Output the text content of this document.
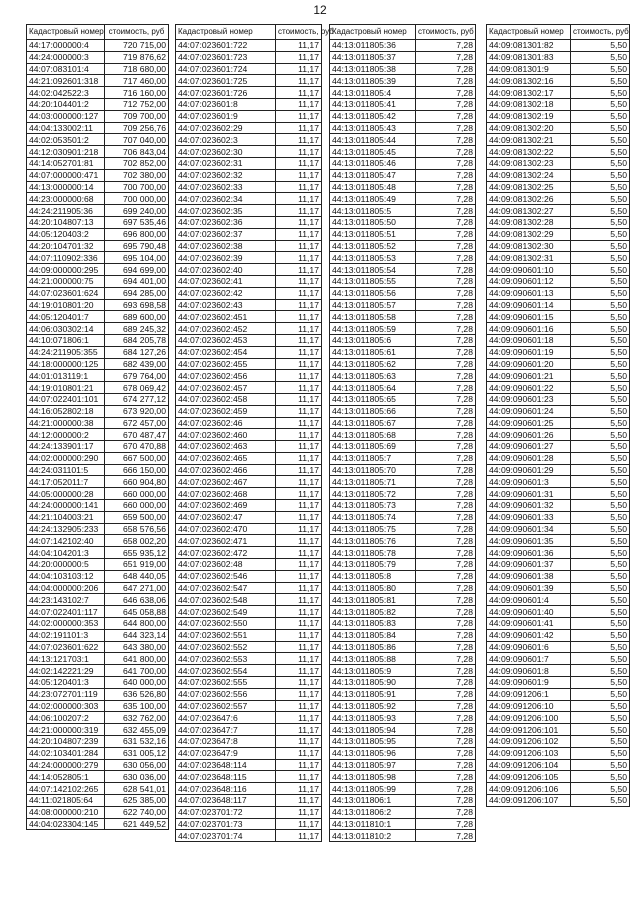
12
Кадастровый номер	стоимость, руб
44:17:000000:4	720 715,00
44:24:000000:3	719 876,62
44:07:083101:4	718 680,00
44:21:092601:318	717 460,00
44:02:042522:3	716 160,00
44:20:104401:2	712 752,00
44:03:000000:127	709 700,00
44:04:133002:11	709 256,76
44:02:053501:2	707 040,00
44:12:030901:218	706 843,04
44:14:052701:81	702 852,00
44:07:000000:471	702 380,00
44:13:000000:14	700 700,00
44:23:000000:68	700 000,00
44:24:211905:36	699 240,00
44:20:104807:13	697 535,46
44:05:120403:2	696 800,00
44:20:104701:32	695 790,48
44:07:110902:336	695 104,00
44:09:000000:295	694 699,00
44:21:000000:75	694 401,00
44:07:023601:624	694 285,00
44:19:010801:20	693 698,58
44:05:120401:7	689 600,00
44:06:030302:14	689 245,32
44:10:071806:1	684 205,78
44:24:211905:355	684 127,26
44:18:000000:125	682 439,00
44:01:013119:1	679 764,00
44:19:010801:21	678 069,42
44:07:022401:101	674 277,12
44:16:052802:18	673 920,00
44:21:000000:38	672 457,00
44:12:000000:2	670 487,47
44:24:133901:17	670 470,88
44:02:000000:290	667 500,00
44:24:031101:5	666 150,00
44:17:052011:7	660 904,80
44:05:000000:28	660 000,00
44:24:000000:141	660 000,00
44:21:104003:21	659 500,00
44:24:132905:233	658 576,56
44:07:142102:40	658 002,20
44:04:104201:3	655 935,12
44:20:000000:5	651 919,00
44:04:103103:12	648 440,05
44:04:000000:206	647 271,00
44:23:143102:7	646 638,06
44:07:022401:117	645 058,88
44:02:000000:353	644 800,00
44:02:191101:3	644 323,14
44:07:023601:622	643 380,00
44:13:121703:1	641 800,00
44:02:142221:29	641 700,00
44:05:120401:3	640 000,00
44:23:072701:119	636 526,80
44:02:000000:303	635 100,00
44:06:100207:2	632 762,00
44:21:000000:319	632 455,09
44:20:104807:239	631 532,16
44:02:103401:284	631 005,12
44:24:000000:279	630 056,00
44:14:052805:1	630 036,00
44:07:142102:265	628 541,01
44:11:021805:64	625 385,00
44:08:000000:210	622 740,00
44:04:023304:145	621 449,52
Кадастровый номер	стоимость, руб
44:07:023601:722	11,17
44:07:023601:723	11,17
44:07:023601:724	11,17
44:07:023601:725	11,17
44:07:023601:726	11,17
44:07:023601:8	11,17
44:07:023601:9	11,17
44:07:023602:29	11,17
44:07:023602:3	11,17
44:07:023602:30	11,17
44:07:023602:31	11,17
44:07:023602:32	11,17
44:07:023602:33	11,17
44:07:023602:34	11,17
44:07:023602:35	11,17
44:07:023602:36	11,17
44:07:023602:37	11,17
44:07:023602:38	11,17
44:07:023602:39	11,17
44:07:023602:40	11,17
44:07:023602:41	11,17
44:07:023602:42	11,17
44:07:023602:43	11,17
44:07:023602:451	11,17
44:07:023602:452	11,17
44:07:023602:453	11,17
44:07:023602:454	11,17
44:07:023602:455	11,17
44:07:023602:456	11,17
44:07:023602:457	11,17
44:07:023602:458	11,17
44:07:023602:459	11,17
44:07:023602:46	11,17
44:07:023602:460	11,17
44:07:023602:463	11,17
44:07:023602:465	11,17
44:07:023602:466	11,17
44:07:023602:467	11,17
44:07:023602:468	11,17
44:07:023602:469	11,17
44:07:023602:47	11,17
44:07:023602:470	11,17
44:07:023602:471	11,17
44:07:023602:472	11,17
44:07:023602:48	11,17
44:07:023602:546	11,17
44:07:023602:547	11,17
44:07:023602:548	11,17
44:07:023602:549	11,17
44:07:023602:550	11,17
44:07:023602:551	11,17
44:07:023602:552	11,17
44:07:023602:553	11,17
44:07:023602:554	11,17
44:07:023602:555	11,17
44:07:023602:556	11,17
44:07:023602:557	11,17
44:07:023647:6	11,17
44:07:023647:7	11,17
44:07:023647:8	11,17
44:07:023647:9	11,17
44:07:023648:114	11,17
44:07:023648:115	11,17
44:07:023648:116	11,17
44:07:023648:117	11,17
44:07:023701:72	11,17
44:07:023701:73	11,17
44:07:023701:74	11,17
Кадастровый номер	стоимость, руб
44:13:011805:36	7,28
44:13:011805:37	7,28
44:13:011805:38	7,28
44:13:011805:39	7,28
44:13:011805:4	7,28
44:13:011805:41	7,28
44:13:011805:42	7,28
44:13:011805:43	7,28
44:13:011805:44	7,28
44:13:011805:45	7,28
44:13:011805:46	7,28
44:13:011805:47	7,28
44:13:011805:48	7,28
44:13:011805:49	7,28
44:13:011805:5	7,28
44:13:011805:50	7,28
44:13:011805:51	7,28
44:13:011805:52	7,28
44:13:011805:53	7,28
44:13:011805:54	7,28
44:13:011805:55	7,28
44:13:011805:56	7,28
44:13:011805:57	7,28
44:13:011805:58	7,28
44:13:011805:59	7,28
44:13:011805:6	7,28
44:13:011805:61	7,28
44:13:011805:62	7,28
44:13:011805:63	7,28
44:13:011805:64	7,28
44:13:011805:65	7,28
44:13:011805:66	7,28
44:13:011805:67	7,28
44:13:011805:68	7,28
44:13:011805:69	7,28
44:13:011805:7	7,28
44:13:011805:70	7,28
44:13:011805:71	7,28
44:13:011805:72	7,28
44:13:011805:73	7,28
44:13:011805:74	7,28
44:13:011805:75	7,28
44:13:011805:76	7,28
44:13:011805:78	7,28
44:13:011805:79	7,28
44:13:011805:8	7,28
44:13:011805:80	7,28
44:13:011805:81	7,28
44:13:011805:82	7,28
44:13:011805:83	7,28
44:13:011805:84	7,28
44:13:011805:86	7,28
44:13:011805:88	7,28
44:13:011805:9	7,28
44:13:011805:90	7,28
44:13:011805:91	7,28
44:13:011805:92	7,28
44:13:011805:93	7,28
44:13:011805:94	7,28
44:13:011805:95	7,28
44:13:011805:96	7,28
44:13:011805:97	7,28
44:13:011805:98	7,28
44:13:011805:99	7,28
44:13:011806:1	7,28
44:13:011806:2	7,28
44:13:011810:1	7,28
44:13:011810:2	7,28
Кадастровый номер	стоимость, руб
44:09:081301:82	5,50
44:09:081301:83	5,50
44:09:081301:9	5,50
44:09:081302:16	5,50
44:09:081302:17	5,50
44:09:081302:18	5,50
44:09:081302:19	5,50
44:09:081302:20	5,50
44:09:081302:21	5,50
44:09:081302:22	5,50
44:09:081302:23	5,50
44:09:081302:24	5,50
44:09:081302:25	5,50
44:09:081302:26	5,50
44:09:081302:27	5,50
44:09:081302:28	5,50
44:09:081302:29	5,50
44:09:081302:30	5,50
44:09:081302:31	5,50
44:09:090601:10	5,50
44:09:090601:12	5,50
44:09:090601:13	5,50
44:09:090601:14	5,50
44:09:090601:15	5,50
44:09:090601:16	5,50
44:09:090601:18	5,50
44:09:090601:19	5,50
44:09:090601:20	5,50
44:09:090601:21	5,50
44:09:090601:22	5,50
44:09:090601:23	5,50
44:09:090601:24	5,50
44:09:090601:25	5,50
44:09:090601:26	5,50
44:09:090601:27	5,50
44:09:090601:28	5,50
44:09:090601:29	5,50
44:09:090601:3	5,50
44:09:090601:31	5,50
44:09:090601:32	5,50
44:09:090601:33	5,50
44:09:090601:34	5,50
44:09:090601:35	5,50
44:09:090601:36	5,50
44:09:090601:37	5,50
44:09:090601:38	5,50
44:09:090601:39	5,50
44:09:090601:4	5,50
44:09:090601:40	5,50
44:09:090601:41	5,50
44:09:090601:42	5,50
44:09:090601:6	5,50
44:09:090601:7	5,50
44:09:090601:8	5,50
44:09:090601:9	5,50
44:09:091206:1	5,50
44:09:091206:10	5,50
44:09:091206:100	5,50
44:09:091206:101	5,50
44:09:091206:102	5,50
44:09:091206:103	5,50
44:09:091206:104	5,50
44:09:091206:105	5,50
44:09:091206:106	5,50
44:09:091206:107	5,50
